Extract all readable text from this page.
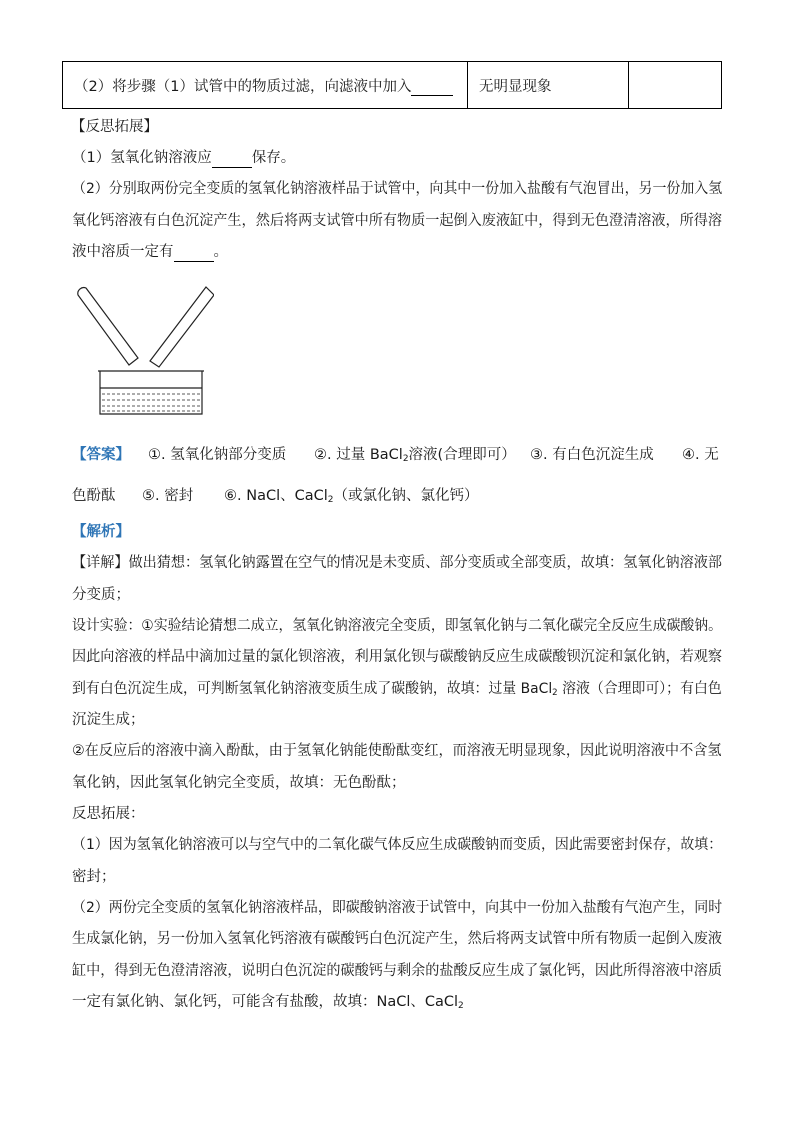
（2）将步骤（1）试管中的物质过滤，向滤液中加入	无明显现象	
【反思拓展】
（1）氢氧化钠溶液应	保存。
（2）分别取两份完全变质的氢氧化钠溶液样品于试管中，向其中一份加入盐酸有气泡冒出，另一份加入氢
氧化钙溶液有白色沉淀产生，然后将两支试管中所有物质一起倒入废液缸中，得到无色澄清溶液，所得溶
液中溶质一定有	。
【答案】 ①. 氢氧化钠部分变质 ②. 过量 BaCl$_2$溶液(合理即可） ③. 有白色沉淀生成 ④. 无
色酚酞 ⑤. 密封 ⑥. NaCl、CaCl$_2$（或氯化钠、氯化钙）
【解析】
【详解】做出猜想：氢氧化钠露置在空气的情况是未变质、部分变质或全部变质，故填：氢氧化钠溶液部
分变质；
设计实验：①实验结论猜想二成立，氢氧化钠溶液完全变质，即氢氧化钠与二氧化碳完全反应生成碳酸钠。
因此向溶液的样品中滴加过量的氯化钡溶液，利用氯化钡与碳酸钠反应生成碳酸钡沉淀和氯化钠，若观察
到有白色沉淀生成，可判断氢氧化钠溶液变质生成了碳酸钠，故填：过量 BaCl$_2$ 溶液（合理即可）；有白色
沉淀生成；
②在反应后的溶液中滴入酚酞，由于氢氧化钠能使酚酞变红，而溶液无明显现象，因此说明溶液中不含氢
氧化钠，因此氢氧化钠完全变质，故填：无色酚酞；
反思拓展：
（1）因为氢氧化钠溶液可以与空气中的二氧化碳气体反应生成碳酸钠而变质，因此需要密封保存，故填：
密封；
（2）两份完全变质的氢氧化钠溶液样品，即碳酸钠溶液于试管中，向其中一份加入盐酸有气泡产生，同时
生成氯化钠，另一份加入氢氧化钙溶液有碳酸钙白色沉淀产生，然后将两支试管中所有物质一起倒入废液
缸中，得到无色澄清溶液，说明白色沉淀的碳酸钙与剩余的盐酸反应生成了氯化钙，因此所得溶液中溶质
一定有氯化钠、氯化钙，可能含有盐酸，故填：NaCl、CaCl$_2$
